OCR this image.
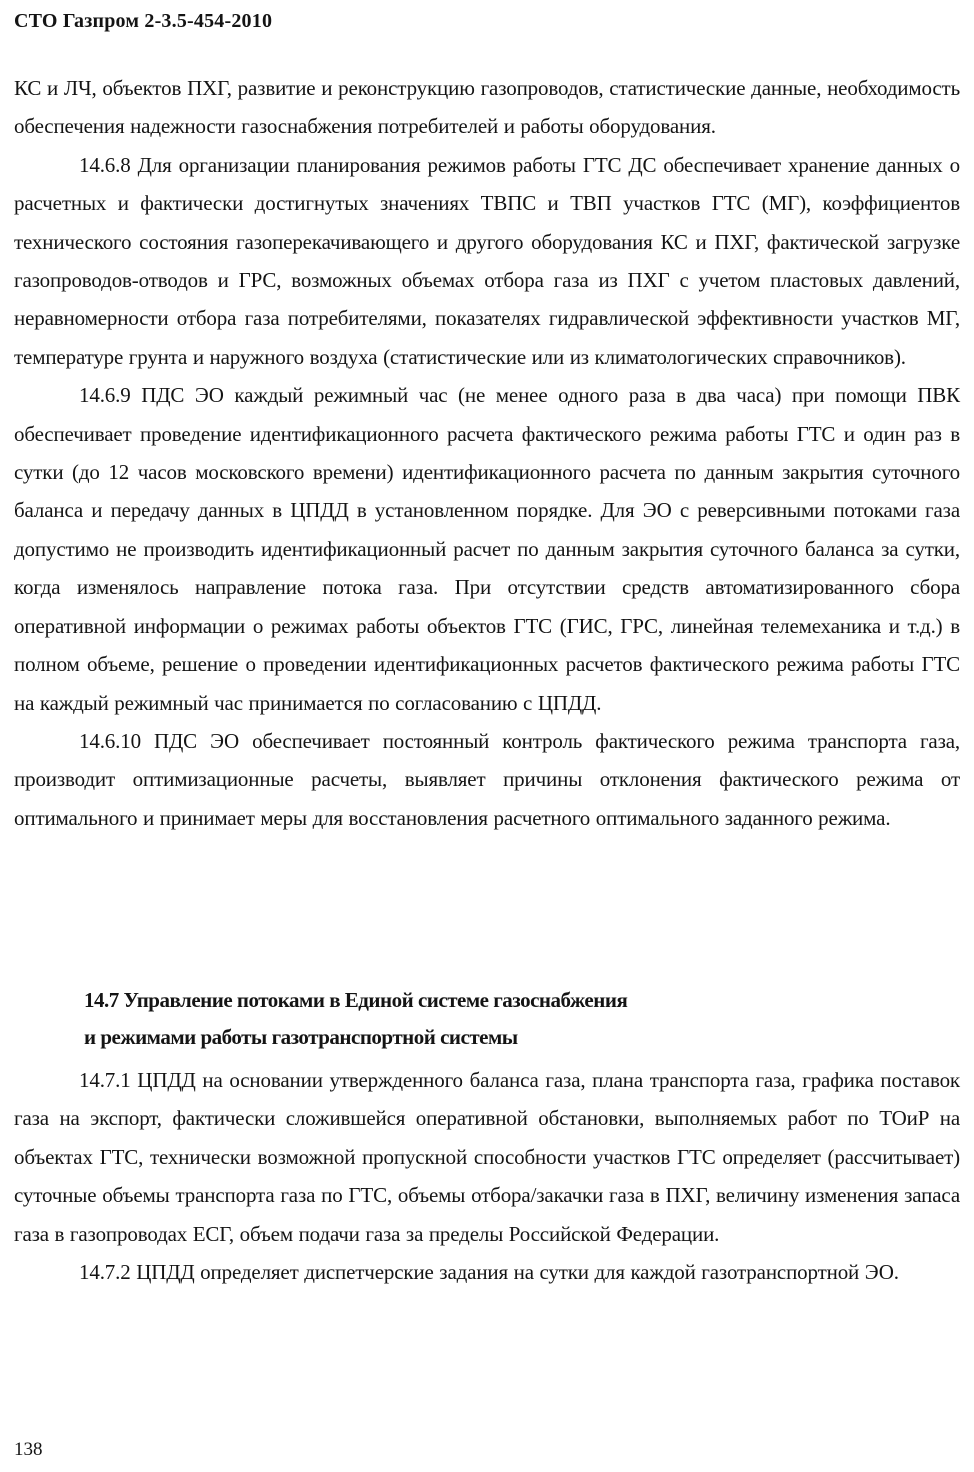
СТО Газпром 2-3.5-454-2010

КС и ЛЧ, объектов ПХГ, развитие и реконструкцию газопроводов, статистические данные, необходимость обеспечения надежности газоснабжения потребителей и работы оборудования.

14.6.8 Для организации планирования режимов работы ГТС ДС обеспечивает хранение данных о расчетных и фактически достигнутых значениях ТВПС и ТВП участков ГТС (МГ), коэффициентов технического состояния газоперекачивающего и другого оборудования КС и ПХГ, фактической загрузке газопроводов-отводов и ГРС, возможных объемах отбора газа из ПХГ с учетом пластовых давлений, неравномерности отбора газа потребителями, показателях гидравлической эффективности участков МГ, температуре грунта и наружного воздуха (статистические или из климатологических справочников).

14.6.9 ПДС ЭО каждый режимный час (не менее одного раза в два часа) при помощи ПВК обеспечивает проведение идентификационного расчета фактического режима работы ГТС и один раз в сутки (до 12 часов московского времени) идентификационного расчета по данным закрытия суточного баланса и передачу данных в ЦПДД в установленном порядке. Для ЭО с реверсивными потоками газа допустимо не производить идентификационный расчет по данным закрытия суточного баланса за сутки, когда изменялось направление потока газа. При отсутствии средств автоматизированного сбора оперативной информации о режимах работы объектов ГТС (ГИС, ГРС, линейная телемеханика и т.д.) в полном объеме, решение о проведении идентификационных расчетов фактического режима работы ГТС на каждый режимный час принимается по согласованию с ЦПДД.

14.6.10 ПДС ЭО обеспечивает постоянный контроль фактического режима транспорта газа, производит оптимизационные расчеты, выявляет причины отклонения фактического режима от оптимального и принимает меры для восстановления расчетного оптимального заданного режима.

14.7 Управление потоками в Единой системе газоснабжения
и режимами работы газотранспортной системы

14.7.1 ЦПДД на основании утвержденного баланса газа, плана транспорта газа, графика поставок газа на экспорт, фактически сложившейся оперативной обстановки, выполняемых работ по ТОиР на объектах ГТС, технически возможной пропускной способности участков ГТС определяет (рассчитывает) суточные объемы транспорта газа по ГТС, объемы отбора/закачки газа в ПХГ, величину изменения запаса газа в газопроводах ЕСГ, объем подачи газа за пределы Российской Федерации.

14.7.2 ЦПДД определяет диспетчерские задания на сутки для каждой газотранспортной ЭО.

138
